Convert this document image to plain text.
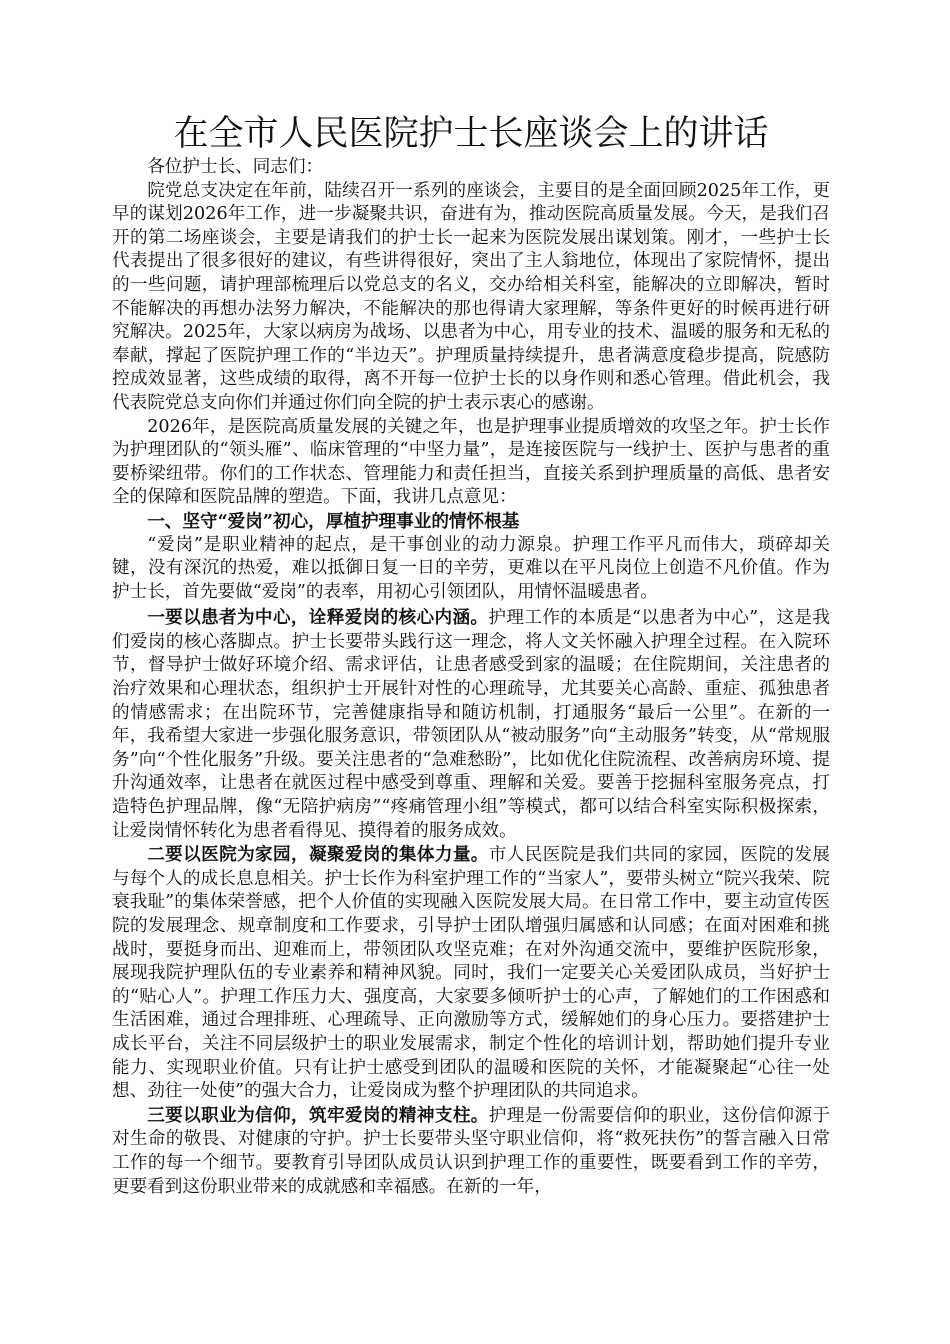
在全市人民医院护士长座谈会上的讲话

各位护士长、同志们：

院党总支决定在年前，陆续召开一系列的座谈会，主要目的是全面回顾2025年工作，更早的谋划2026年工作，进一步凝聚共识，奋进有为，推动医院高质量发展。今天，是我们召开的第二场座谈会，主要是请我们的护士长一起来为医院发展出谋划策。刚才，一些护士长代表提出了很多很好的建议，有些讲得很好，突出了主人翁地位，体现出了家院情怀，提出的一些问题，请护理部梳理后以党总支的名义，交办给相关科室，能解决的立即解决，暂时不能解决的再想办法努力解决，不能解决的那也得请大家理解，等条件更好的时候再进行研究解决。2025年，大家以病房为战场、以患者为中心，用专业的技术、温暖的服务和无私的奉献，撑起了医院护理工作的“半边天”。护理质量持续提升，患者满意度稳步提高，院感防控成效显著，这些成绩的取得，离不开每一位护士长的以身作则和悉心管理。借此机会，我代表院党总支向你们并通过你们向全院的护士表示衷心的感谢。

2026年，是医院高质量发展的关键之年，也是护理事业提质增效的攻坚之年。护士长作为护理团队的“领头雁”、临床管理的“中坚力量”，是连接医院与一线护士、医护与患者的重要桥梁纽带。你们的工作状态、管理能力和责任担当，直接关系到护理质量的高低、患者安全的保障和医院品牌的塑造。下面，我讲几点意见：

一、坚守“爱岗”初心，厚植护理事业的情怀根基

“爱岗”是职业精神的起点，是干事创业的动力源泉。护理工作平凡而伟大，琐碎却关键，没有深沉的热爱，难以抵御日复一日的辛劳，更难以在平凡岗位上创造不凡价值。作为护士长，首先要做“爱岗”的表率，用初心引领团队，用情怀温暖患者。

一要以患者为中心，诠释爱岗的核心内涵。护理工作的本质是“以患者为中心”，这是我们爱岗的核心落脚点。护士长要带头践行这一理念，将人文关怀融入护理全过程。在入院环节，督导护士做好环境介绍、需求评估，让患者感受到家的温暖；在住院期间，关注患者的治疗效果和心理状态，组织护士开展针对性的心理疏导，尤其要关心高龄、重症、孤独患者的情感需求；在出院环节，完善健康指导和随访机制，打通服务“最后一公里”。在新的一年，我希望大家进一步强化服务意识，带领团队从“被动服务”向“主动服务”转变，从“常规服务”向“个性化服务”升级。要关注患者的“急难愁盼”，比如优化住院流程、改善病房环境、提升沟通效率，让患者在就医过程中感受到尊重、理解和关爱。要善于挖掘科室服务亮点，打造特色护理品牌，像“无陪护病房”“疼痛管理小组”等模式，都可以结合科室实际积极探索，让爱岗情怀转化为患者看得见、摸得着的服务成效。

二要以医院为家园，凝聚爱岗的集体力量。市人民医院是我们共同的家园，医院的发展与每个人的成长息息相关。护士长作为科室护理工作的“当家人”，要带头树立“院兴我荣、院衰我耻”的集体荣誉感，把个人价值的实现融入医院发展大局。在日常工作中，要主动宣传医院的发展理念、规章制度和工作要求，引导护士团队增强归属感和认同感；在面对困难和挑战时，要挺身而出、迎难而上，带领团队攻坚克难；在对外沟通交流中，要维护医院形象，展现我院护理队伍的专业素养和精神风貌。同时，我们一定要关心关爱团队成员，当好护士的“贴心人”。护理工作压力大、强度高，大家要多倾听护士的心声，了解她们的工作困惑和生活困难，通过合理排班、心理疏导、正向激励等方式，缓解她们的身心压力。要搭建护士成长平台，关注不同层级护士的职业发展需求，制定个性化的培训计划，帮助她们提升专业能力、实现职业价值。只有让护士感受到团队的温暖和医院的关怀，才能凝聚起“心往一处想、劲往一处使”的强大合力，让爱岗成为整个护理团队的共同追求。

三要以职业为信仰，筑牢爱岗的精神支柱。护理是一份需要信仰的职业，这份信仰源于对生命的敬畏、对健康的守护。护士长要带头坚守职业信仰，将“救死扶伤”的誓言融入日常工作的每一个细节。要教育引导团队成员认识到护理工作的重要性，既要看到工作的辛劳，更要看到这份职业带来的成就感和幸福感。在新的一年，
